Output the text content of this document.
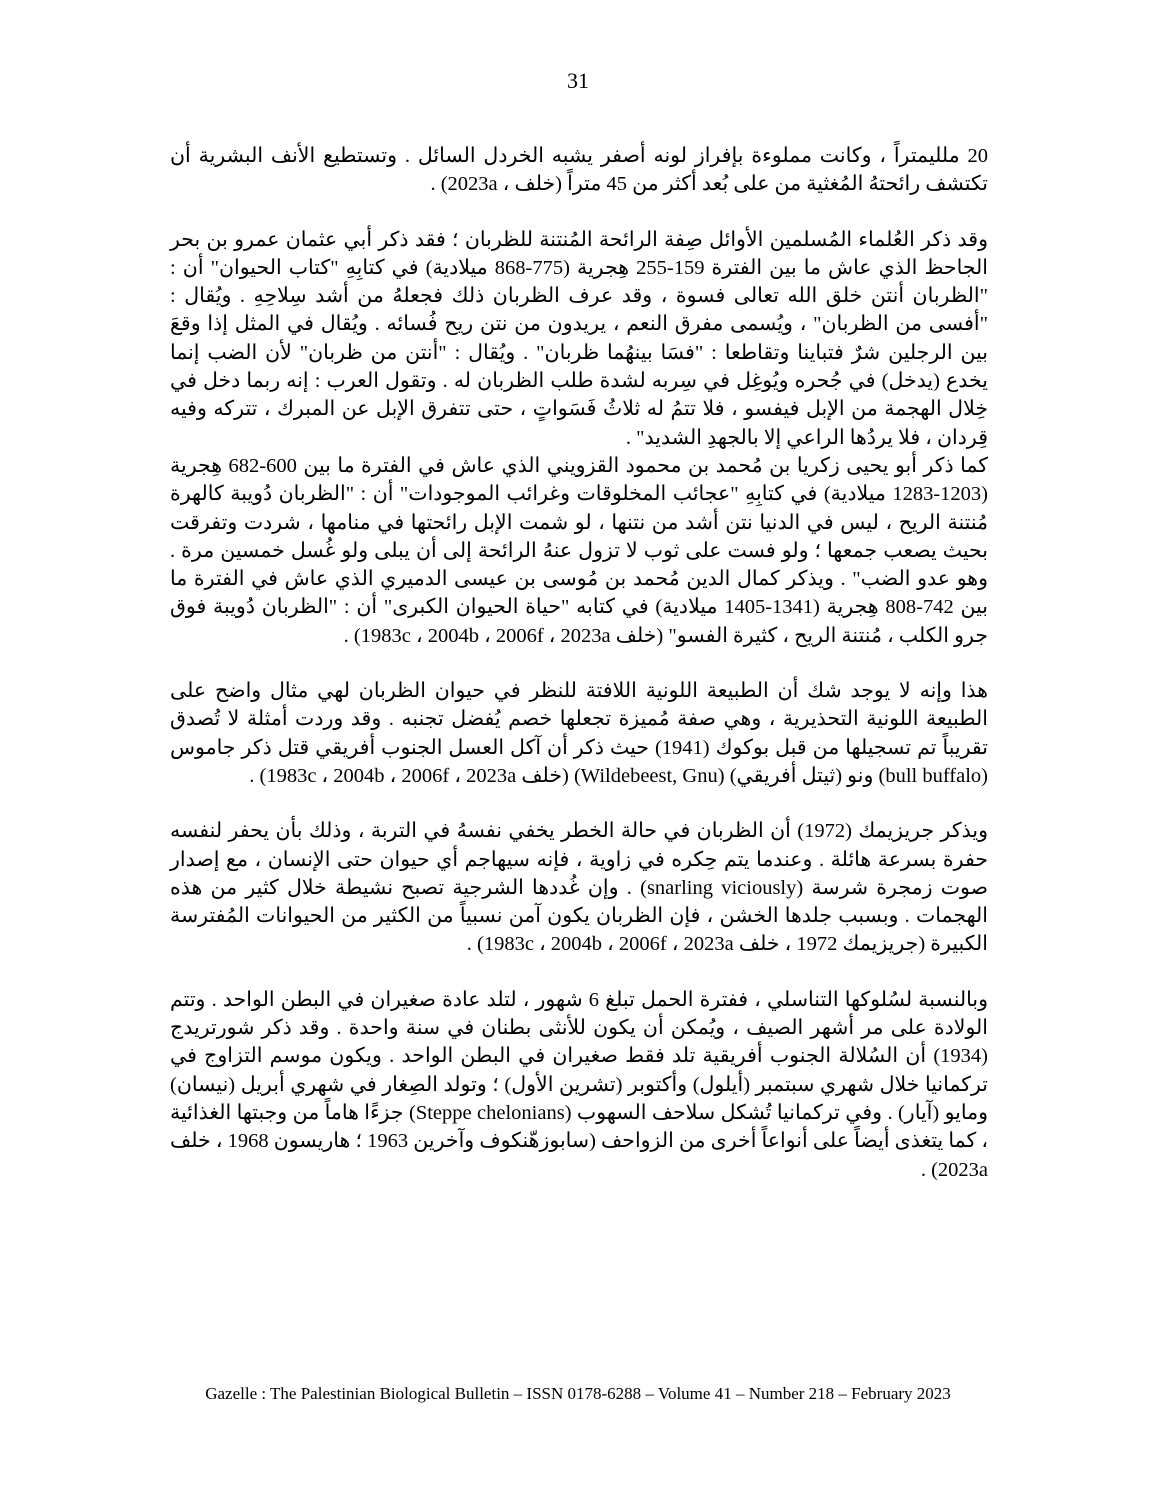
31

20 ملليمتراً ، وكانت مملوءة بإفراز لونه أصفر يشبه الخردل السائل . وتستطيع الأنف البشرية أن تكتشف رائحتهُ المُغثية من على بُعد أكثر من 45 متراً (خلف ، 2023a) .

وقد ذكر العُلماء المُسلمين الأوائل صِفة الرائحة المُنتنة للظربان ؛ فقد ذكر أبي عثمان عمرو بن بحر الجاحظ الذي عاش ما بين الفترة 159-255 هِجرية (775-868 ميلادية) في كتابِهِ "كتاب الحيوان" أن : "الظربان أنتن خلق الله تعالى فسوة ، وقد عرف الظربان ذلك فجعلهُ من أشد سِلاحِهِ . ويُقال : "أفسى من الظربان" ، ويُسمى مفرق النعم ، يريدون من نتن ريح فُسائه . ويُقال في المثل إذا وقعَ بين الرجلين شرٌ فتباينا وتقاطعا : "فسَا بينهُما ظربان" . ويُقال : "أنتن من ظربان" لأن الضب إنما يخدع (يدخل) في جُحره ويُوغِل في سِربه لشدة طلب الظربان له . وتقول العرب : إنه ربما دخل في خِلال الهجمة من الإبل فيفسو ، فلا تتمُ له ثلاثُ فَسَواتٍ ، حتى تتفرق الإبل عن المبرك ، تتركه وفيه قِردان ، فلا يردُها الراعي إلا بالجهدِ الشديد" .

كما ذكر أبو يحيى زكريا بن مُحمد بن محمود القزويني الذي عاش في الفترة ما بين 600-682 هِجرية (1203-1283 ميلادية) في كتابِهِ "عجائب المخلوقات وغرائب الموجودات" أن : "الظربان دُويبة كالهرة مُنتنة الريح ، ليس في الدنيا نتن أشد من نتنها ، لو شمت الإبل رائحتها في منامها ، شردت وتفرقت بحيث يصعب جمعها ؛ ولو فست على ثوب لا تزول عنهُ الرائحة إلى أن يبلى ولو غُسل خمسين مرة . وهو عدو الضب" . ويذكر كمال الدين مُحمد بن مُوسى بن عيسى الدميري الذي عاش في الفترة ما بين 742-808 هِجرية (1341-1405 ميلادية) في كتابه "حياة الحيوان الكبرى" أن : "الظربان دُويبة فوق جرو الكلب ، مُنتنة الريح ، كثيرة الفسو" (خلف 1983c ، 2004b ، 2006f ، 2023a) .

هذا وإنه لا يوجد شك أن الطبيعة اللونية اللافتة للنظر في حيوان الظربان لهي مثال واضح على الطبيعة اللونية التحذيرية ، وهي صفة مُميزة تجعلها خصم يُفضل تجنبه . وقد وردت أمثلة لا تُصدق تقريباً تم تسجيلها من قبل بوكوك (1941) حيث ذكر أن آكل العسل الجنوب أفريقي قتل ذكر جاموس (bull buffalo) ونو (ثيتل أفريقي) (Wildebeest, Gnu) (خلف 1983c ، 2004b ، 2006f ، 2023a) .

ويذكر جريزيمك (1972) أن الظربان في حالة الخطر يخفي نفسهُ في التربة ، وذلك بأن يحفر لنفسه حفرة بسرعة هائلة . وعندما يتم حِكره في زاوية ، فإنه سيهاجم أي حيوان حتى الإنسان ، مع إصدار صوت زمجرة شرسة (snarling viciously) . وإن غُددها الشرجية تصبح نشيطة خلال كثير من هذه الهجمات . وبسبب جلدها الخشن ، فإن الظربان يكون آمن نسبياً من الكثير من الحيوانات المُفترسة الكبيرة (جريزيمك 1972 ، خلف 1983c ، 2004b ، 2006f ، 2023a) .

وبالنسبة لسُلوكها التناسلي ، ففترة الحمل تبلغ 6 شهور ، لتلد عادة صغيران في البطن الواحد . وتتم الولادة على مر أشهر الصيف ، ويُمكن أن يكون للأنثى بطنان في سنة واحدة . وقد ذكر شورتريدج (1934) أن السُلالة الجنوب أفريقية تلد فقط صغيران في البطن الواحد . ويكون موسم التزاوج في تركمانيا خلال شهري سبتمبر (أيلول) وأكتوبر (تشرين الأول) ؛ وتولد الصِغار في شهري أبريل (نيسان) ومايو (آيار) . وفي تركمانيا تُشكل سلاحف السهوب (Steppe chelonians) جزءًا هاماً من وجبتها الغذائية ، كما يتغذى أيضاً على أنواعاً أخرى من الزواحف (سابوزهّنكوف وآخرين 1963 ؛ هاريسون 1968 ، خلف 2023a) .

Gazelle : The Palestinian Biological Bulletin – ISSN 0178-6288 – Volume 41 – Number 218 – February 2023
